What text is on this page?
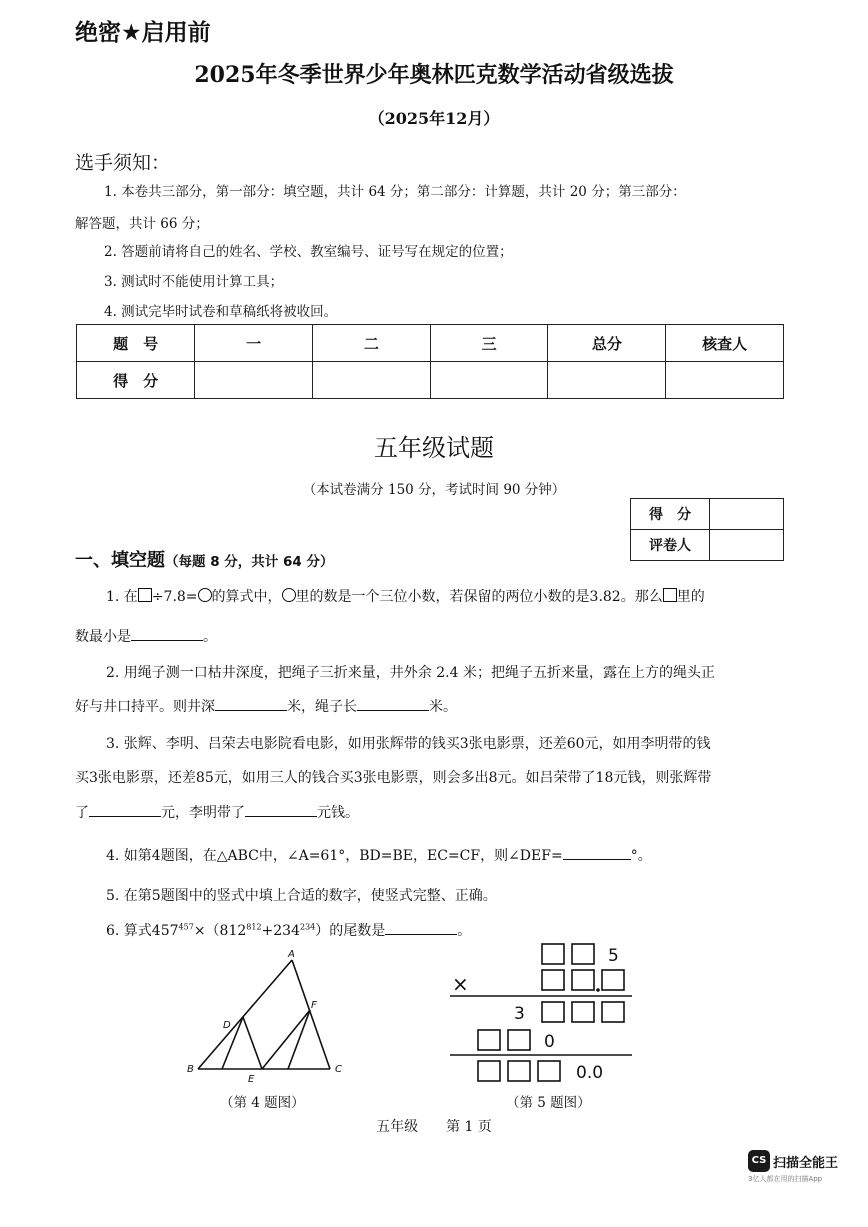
绝密★启用前
2025年冬季世界少年奥林匹克数学活动省级选拔
（2025年12月）
选手须知：
1. 本卷共三部分，第一部分：填空题，共计 64 分；第二部分：计算题，共计 20 分；第三部分：
解答题，共计 66 分；
2. 答题前请将自己的姓名、学校、教室编号、证号写在规定的位置；
3. 测试时不能使用计算工具；
4. 测试完毕时试卷和草稿纸将被收回。
题　号	一	二	三	总分	核查人
得　分					
五年级试题
（本试卷满分 150 分，考试时间 90 分钟）
得　分	
评卷人	
一、填空题（每题 8 分，共计 64 分）
1. 在 ÷7.8= 的算式中， 里的数是一个三位小数，若保留的两位小数的是3.82。那么 里的
数最小是	。
2. 用绳子测一口枯井深度，把绳子三折来量，井外余 2.4 米；把绳子五折来量，露在上方的绳头正
好与井口持平。则井深	米，绳子长	米。
3. 张辉、李明、吕荣去电影院看电影，如用张辉带的钱买3张电影票，还差60元，如用李明带的钱
买3张电影票，还差85元，如用三人的钱合买3张电影票，则会多出8元。如吕荣带了18元钱，则张辉带
了	元，李明带了	元钱。
4. 如第4题图，在△ABC中，∠A=61°，BD=BE，EC=CF，则∠DEF=	°。
5. 在第5题图中的竖式中填上合适的数字，使竖式完整、正确。
6. 算式$457^{457}\times(812^{812}+234^{234})$的尾数是	。
A
B	C
D
E
F
（第 4 题图）
5
×
3
0
0.0
（第 5 题图）
五年级　　第 1 页
CS 扫描全能王
3亿人都在用的扫描App
